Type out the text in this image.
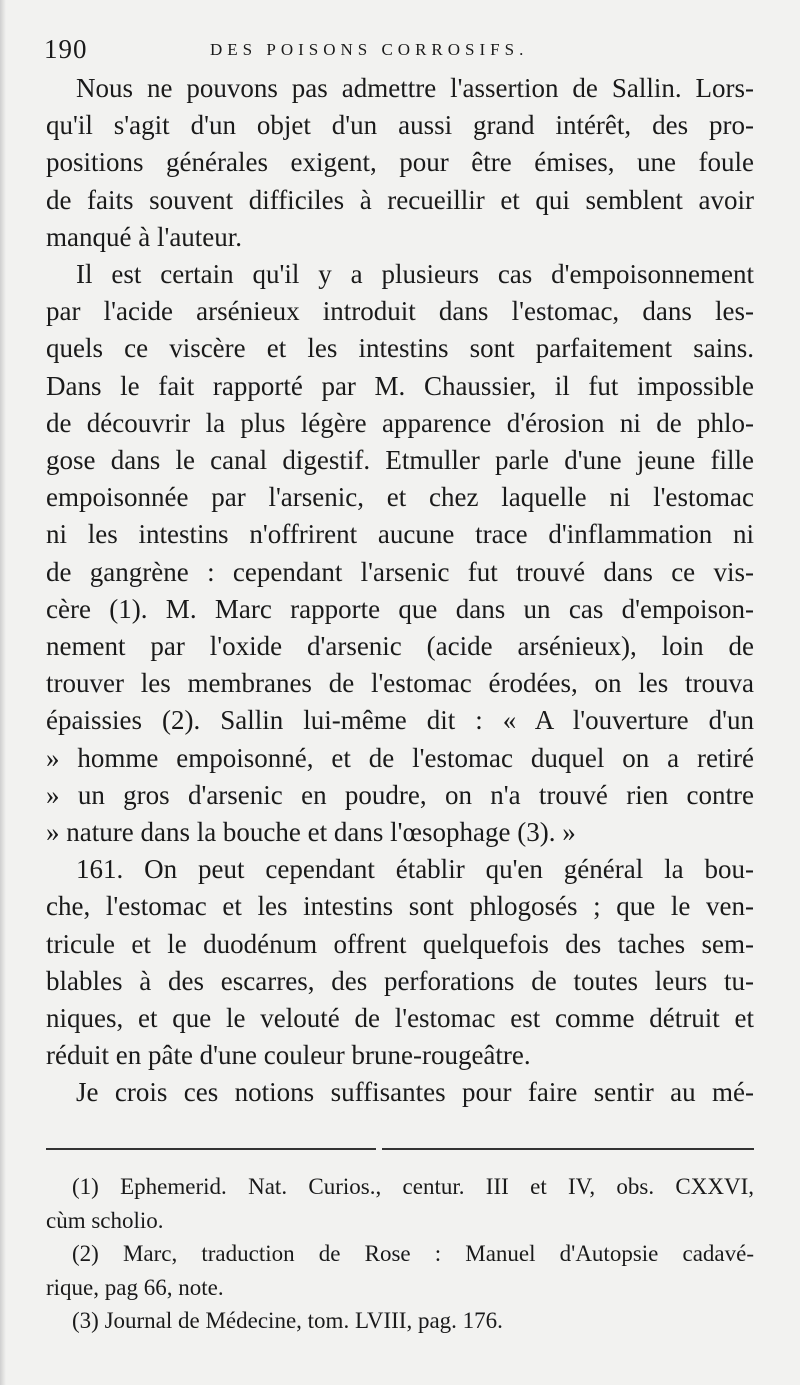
190	DES POISONS CORROSIFS.
Nous ne pouvons pas admettre l'assertion de Sallin. Lors-
qu'il s'agit d'un objet d'un aussi grand intérêt, des pro-
positions générales exigent, pour être émises, une foule
de faits souvent difficiles à recueillir et qui semblent avoir
manqué à l'auteur.
Il est certain qu'il y a plusieurs cas d'empoisonnement
par l'acide arsénieux introduit dans l'estomac, dans les-
quels ce viscère et les intestins sont parfaitement sains.
Dans le fait rapporté par M. Chaussier, il fut impossible
de découvrir la plus légère apparence d'érosion ni de phlo-
gose dans le canal digestif. Etmuller parle d'une jeune fille
empoisonnée par l'arsenic, et chez laquelle ni l'estomac
ni les intestins n'offrirent aucune trace d'inflammation ni
de gangrène : cependant l'arsenic fut trouvé dans ce vis-
cère (1). M. Marc rapporte que dans un cas d'empoison-
nement par l'oxide d'arsenic (acide arsénieux), loin de
trouver les membranes de l'estomac érodées, on les trouva
épaissies (2). Sallin lui-même dit : « A l'ouverture d'un
» homme empoisonné, et de l'estomac duquel on a retiré
» un gros d'arsenic en poudre, on n'a trouvé rien contre
» nature dans la bouche et dans l'œsophage (3). »
161. On peut cependant établir qu'en général la bou-
che, l'estomac et les intestins sont phlogosés ; que le ven-
tricule et le duodénum offrent quelquefois des taches sem-
blables à des escarres, des perforations de toutes leurs tu-
niques, et que le velouté de l'estomac est comme détruit et
réduit en pâte d'une couleur brune-rougeâtre.
Je crois ces notions suffisantes pour faire sentir au mé-
(1) Ephemerid. Nat. Curios., centur. III et IV, obs. CXXVI,
cùm scholio.
(2) Marc, traduction de Rose : Manuel d'Autopsie cadavé-
rique, pag 66, note.
(3) Journal de Médecine, tom. LVIII, pag. 176.
